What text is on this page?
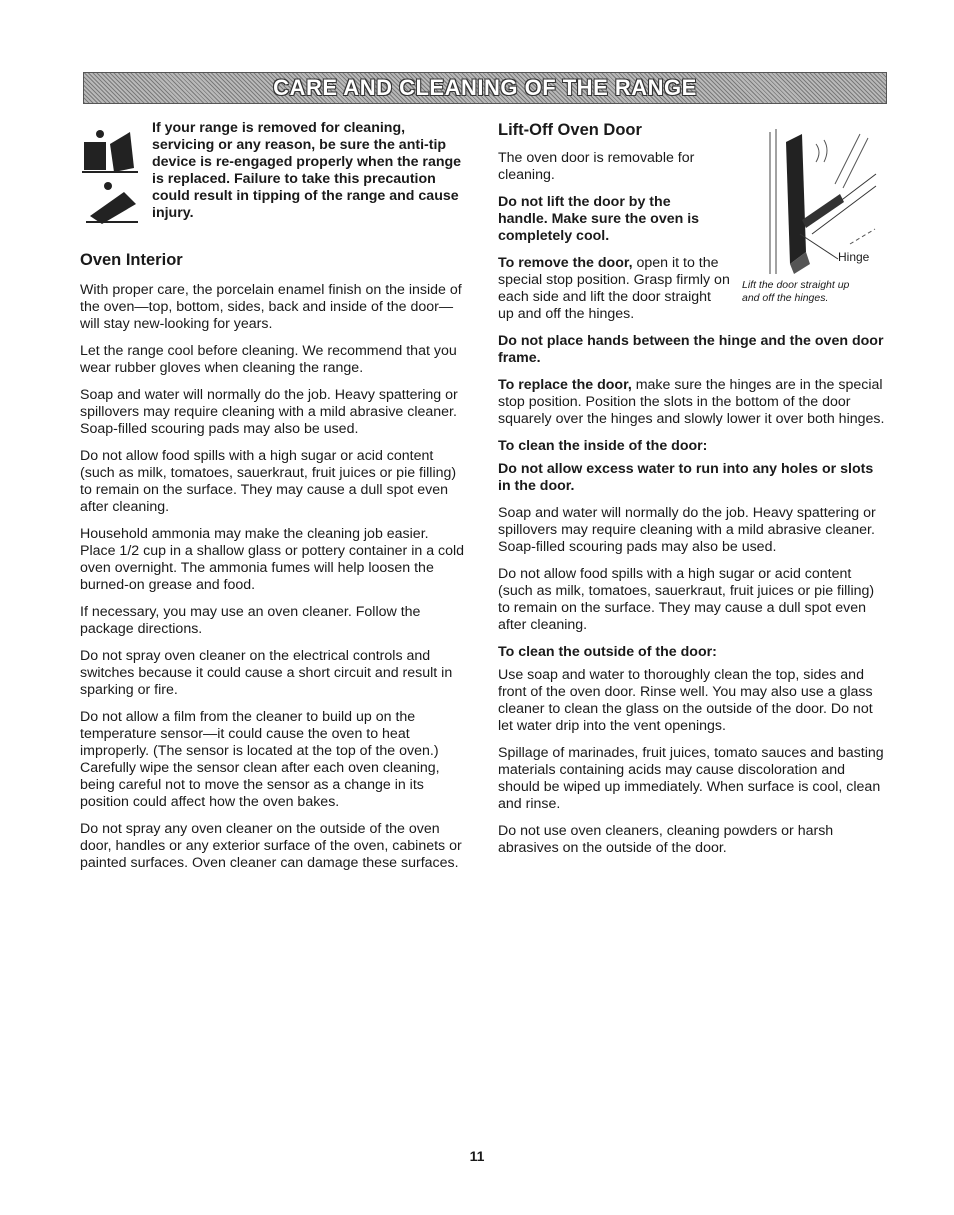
CARE AND CLEANING OF THE RANGE
If your range is removed for cleaning, servicing or any reason, be sure the anti-tip device is re-engaged properly when the range is replaced. Failure to take this precaution could result in tipping of the range and cause injury.
Oven Interior

With proper care, the porcelain enamel finish on the inside of the oven—top, bottom, sides, back and inside of the door—will stay new-looking for years.

Let the range cool before cleaning. We recommend that you wear rubber gloves when cleaning the range.

Soap and water will normally do the job. Heavy spattering or spillovers may require cleaning with a mild abrasive cleaner. Soap-filled scouring pads may also be used.

Do not allow food spills with a high sugar or acid content (such as milk, tomatoes, sauerkraut, fruit juices or pie filling) to remain on the surface. They may cause a dull spot even after cleaning.

Household ammonia may make the cleaning job easier. Place 1/2 cup in a shallow glass or pottery container in a cold oven overnight. The ammonia fumes will help loosen the burned-on grease and food.

If necessary, you may use an oven cleaner. Follow the package directions.

Do not spray oven cleaner on the electrical controls and switches because it could cause a short circuit and result in sparking or fire.

Do not allow a film from the cleaner to build up on the temperature sensor—it could cause the oven to heat improperly. (The sensor is located at the top of the oven.) Carefully wipe the sensor clean after each oven cleaning, being careful not to move the sensor as a change in its position could affect how the oven bakes.

Do not spray any oven cleaner on the outside of the oven door, handles or any exterior surface of the oven, cabinets or painted surfaces. Oven cleaner can damage these surfaces.

Lift-Off Oven Door

The oven door is removable for cleaning.

Do not lift the door by the handle. Make sure the oven is completely cool.

To remove the door, open it to the special stop position. Grasp firmly on each side and lift the door straight up and off the hinges.

Do not place hands between the hinge and the oven door frame.

To replace the door, make sure the hinges are in the special stop position. Position the slots in the bottom of the door squarely over the hinges and slowly lower it over both hinges.

To clean the inside of the door:

Do not allow excess water to run into any holes or slots in the door.

Soap and water will normally do the job. Heavy spattering or spillovers may require cleaning with a mild abrasive cleaner. Soap-filled scouring pads may also be used.

Do not allow food spills with a high sugar or acid content (such as milk, tomatoes, sauerkraut, fruit juices or pie filling) to remain on the surface. They may cause a dull spot even after cleaning.

To clean the outside of the door:

Use soap and water to thoroughly clean the top, sides and front of the oven door. Rinse well. You may also use a glass cleaner to clean the glass on the outside of the door. Do not let water drip into the vent openings.

Spillage of marinades, fruit juices, tomato sauces and basting materials containing acids may cause discoloration and should be wiped up immediately. When surface is cool, clean and rinse.

Do not use oven cleaners, cleaning powders or harsh abrasives on the outside of the door.

Hinge
Lift the door straight up
and off the hinges.
11
